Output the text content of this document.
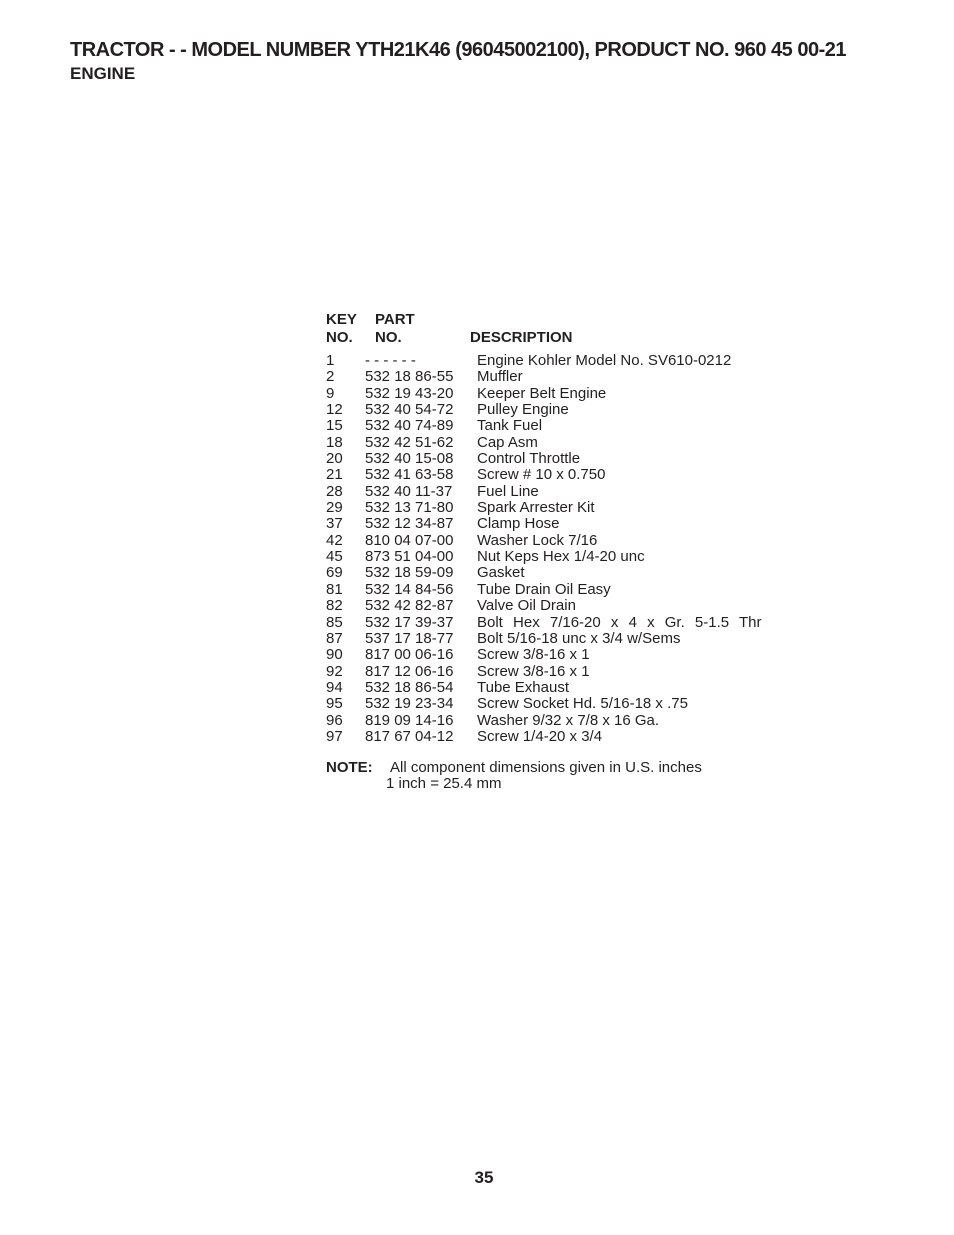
TRACTOR - - MODEL NUMBER YTH21K46 (96045002100), PRODUCT NO. 960 45 00-21
ENGINE
KEY
NO.
PART
NO.	DESCRIPTION
1 - - - - - -	Engine Kohler Model No. SV610-0212
2 532 18 86-55 Muffler
9 532 19 43-20 Keeper Belt Engine
12 532 40 54-72 Pulley Engine
15 532 40 74-89 Tank Fuel
18 532 42 51-62 Cap Asm
20 532 40 15-08 Control Throttle
21 532 41 63-58 Screw # 10 x 0.750
28 532 40 11-37 Fuel Line
29 532 13 71-80 Spark Arrester Kit
37 532 12 34-87 Clamp Hose
42 810 04 07-00 Washer Lock 7/16
45 873 51 04-00 Nut Keps Hex 1/4-20 unc
69 532 18 59-09 Gasket
81 532 14 84-56 Tube Drain Oil Easy
82 532 42 82-87 Valve Oil Drain
85 532 17 39-37 Bolt Hex 7/16-20 x 4 x Gr. 5-1.5 Thr
87 537 17 18-77 Bolt 5/16-18 unc x 3/4 w/Sems
90 817 00 06-16 Screw 3/8-16 x 1
92 817 12 06-16 Screw 3/8-16 x 1
94 532 18 86-54 Tube Exhaust
95 532 19 23-34 Screw Socket Hd. 5/16-18 x .75
96 819 09 14-16 Washer 9/32 x 7/8 x 16 Ga.
97 817 67 04-12 Screw 1/4-20 x 3/4
NOTE: All component dimensions given in U.S. inches
1 inch = 25.4 mm
35
